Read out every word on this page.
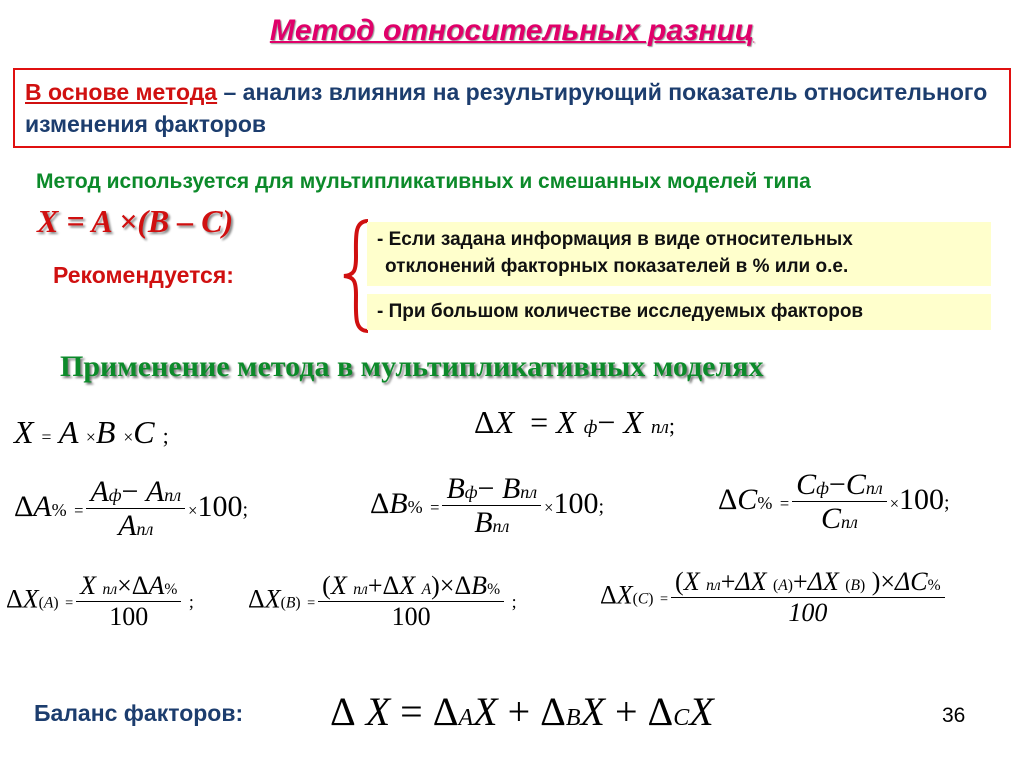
Метод относительных разниц
В основе метода – анализ влияния на результирующий показатель относительного изменения факторов
Метод используется для мультипликативных и смешанных моделей типа
X = A ×(B – C)
Рекомендуется:
- Если задана информация в виде относительных
отклонений факторных показателей в % или о.е.
- При большом количестве исследуемых факторов
Применение метода в мультипликативных моделях
X = A ×B ×C ;	ΔX  = X ф− X пл;
$\Delta A\% = \frac{\text{Aф− Aпл}}{\text{Aпл}} \times 100$;	$\Delta B\% = \frac{\text{Bф− Bпл}}{\text{Bпл}} \times 100$;	$\Delta C\% = \frac{\text{Cф−Cпл}}{\text{Cпл}} \times 100$;
$\Delta X(A) = \frac{\text{X пл×ΔA\%}}{100}$ ; $\Delta X(B) = \frac{\text{(X пл+ΔX A)×ΔB\%}}{100}$ ;	$\Delta X(C) = \frac{\text{(X пл+ΔX (A)+ΔX (B) )×ΔC\%}}{100}$
Баланс факторов: Δ X = ΔAX + ΔBX + ΔCX	36
